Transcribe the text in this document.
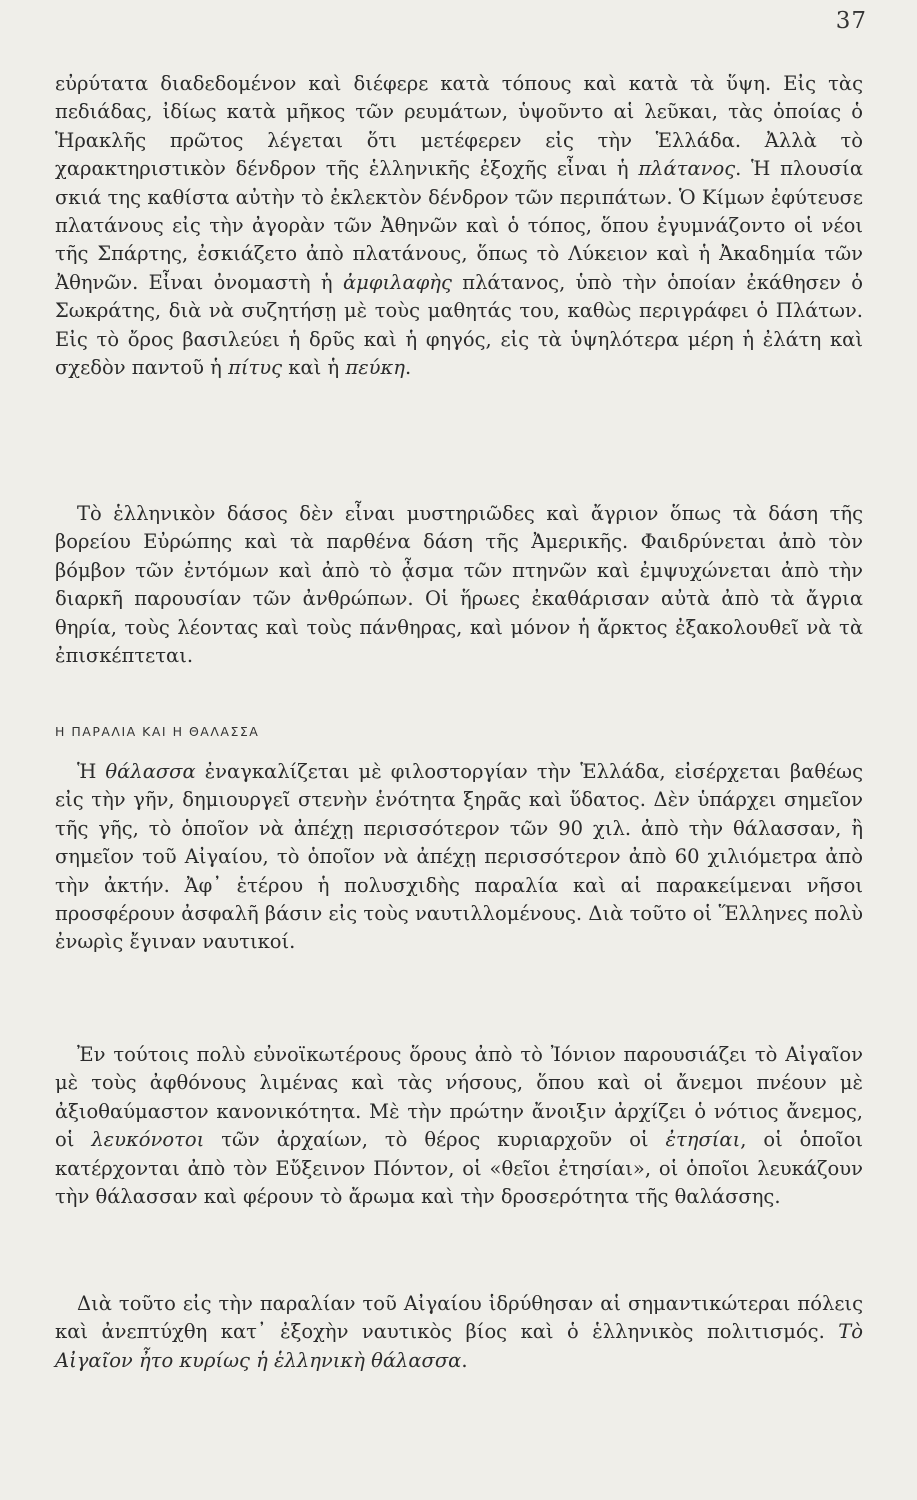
37

εὐρύτατα διαδεδομένον καὶ διέφερε κατὰ τόπους καὶ κατὰ τὰ ὕψη. Εἰς τὰς πεδιάδας, ἰδίως κατὰ μῆκος τῶν ρευμάτων, ὑψοῦντο αἱ λεῦκαι, τὰς ὁποίας ὁ Ἡρακλῆς πρῶτος λέγεται ὅτι μετέφερεν εἰς τὴν Ἑλλάδα. Ἀλλὰ τὸ χαρακτηριστικὸν δένδρον τῆς ἑλληνικῆς ἐξοχῆς εἶναι ἡ πλάτανος. Ἡ πλουσία σκιά της καθίστα αὐτὴν τὸ ἐκλεκτὸν δένδρον τῶν περιπάτων. Ὁ Κίμων ἐφύτευσε πλατάνους εἰς τὴν ἀγορὰν τῶν Ἀθηνῶν καὶ ὁ τόπος, ὅπου ἐγυμνάζοντο οἱ νέοι τῆς Σπάρτης, ἐσκιάζετο ἀπὸ πλατάνους, ὅπως τὸ Λύκειον καὶ ἡ Ἀκαδημία τῶν Ἀθηνῶν. Εἶναι ὀνομαστὴ ἡ ἀμφιλαφὴς πλάτανος, ὑπὸ τὴν ὁποίαν ἐκάθησεν ὁ Σωκράτης, διὰ νὰ συζητήσῃ μὲ τοὺς μαθητάς του, καθὼς περιγράφει ὁ Πλάτων. Εἰς τὸ ὄρος βασιλεύει ἡ δρῦς καὶ ἡ φηγός, εἰς τὰ ὑψηλότερα μέρη ἡ ἐλάτη καὶ σχεδὸν παντοῦ ἡ πίτυς καὶ ἡ πεύκη.

Τὸ ἑλληνικὸν δάσος δὲν εἶναι μυστηριῶδες καὶ ἄγριον ὅπως τὰ δάση τῆς βορείου Εὐρώπης καὶ τὰ παρθένα δάση τῆς Ἀμερικῆς. Φαιδρύνεται ἀπὸ τὸν βόμβον τῶν ἐντόμων καὶ ἀπὸ τὸ ᾆσμα τῶν πτηνῶν καὶ ἐμψυχώνεται ἀπὸ τὴν διαρκῆ παρουσίαν τῶν ἀνθρώπων. Οἱ ἥρωες ἐκαθάρισαν αὐτὰ ἀπὸ τὰ ἄγρια θηρία, τοὺς λέοντας καὶ τοὺς πάνθηρας, καὶ μόνον ἡ ἄρκτος ἐξακολουθεῖ νὰ τὰ ἐπισκέπτεται.

Η ΠΑΡΑΛΙΑ ΚΑΙ Η ΘΑΛΑΣΣΑ

Ἡ θάλασσα ἐναγκαλίζεται μὲ φιλοστοργίαν τὴν Ἑλλάδα, εἰσέρχεται βαθέως εἰς τὴν γῆν, δημιουργεῖ στενὴν ἑνότητα ξηρᾶς καὶ ὕδατος. Δὲν ὑπάρχει σημεῖον τῆς γῆς, τὸ ὁποῖον νὰ ἀπέχῃ περισσότερον τῶν 90 χιλ. ἀπὸ τὴν θάλασσαν, ἢ σημεῖον τοῦ Αἰγαίου, τὸ ὁποῖον νὰ ἀπέχῃ περισσότερον ἀπὸ 60 χιλιόμετρα ἀπὸ τὴν ἀκτήν. Ἀφ᾽ ἑτέρου ἡ πολυσχιδὴς παραλία καὶ αἱ παρακείμεναι νῆσοι προσφέρουν ἀσφαλῆ βάσιν εἰς τοὺς ναυτιλλομένους. Διὰ τοῦτο οἱ Ἕλληνες πολὺ ἐνωρὶς ἔγιναν ναυτικοί.

Ἐν τούτοις πολὺ εὐνοϊκωτέρους ὅρους ἀπὸ τὸ Ἰόνιον παρουσιάζει τὸ Αἰγαῖον μὲ τοὺς ἀφθόνους λιμένας καὶ τὰς νήσους, ὅπου καὶ οἱ ἄνεμοι πνέουν μὲ ἀξιοθαύμαστον κανονικότητα. Μὲ τὴν πρώτην ἄνοιξιν ἀρχίζει ὁ νότιος ἄνεμος, οἱ λευκόνοτοι τῶν ἀρχαίων, τὸ θέρος κυριαρχοῦν οἱ ἐτησίαι, οἱ ὁποῖοι κατέρχονται ἀπὸ τὸν Εὔξεινον Πόντον, οἱ «θεῖοι ἐτησίαι», οἱ ὁποῖοι λευκάζουν τὴν θάλασσαν καὶ φέρουν τὸ ἄρωμα καὶ τὴν δροσερότητα τῆς θαλάσσης.

Διὰ τοῦτο εἰς τὴν παραλίαν τοῦ Αἰγαίου ἱδρύθησαν αἱ σημαντικώτεραι πόλεις καὶ ἀνεπτύχθη κατ᾽ ἐξοχὴν ναυτικὸς βίος καὶ ὁ ἑλληνικὸς πολιτισμός. Τὸ Αἰγαῖον ἦτο κυρίως ἡ ἑλληνικὴ θάλασσα.
